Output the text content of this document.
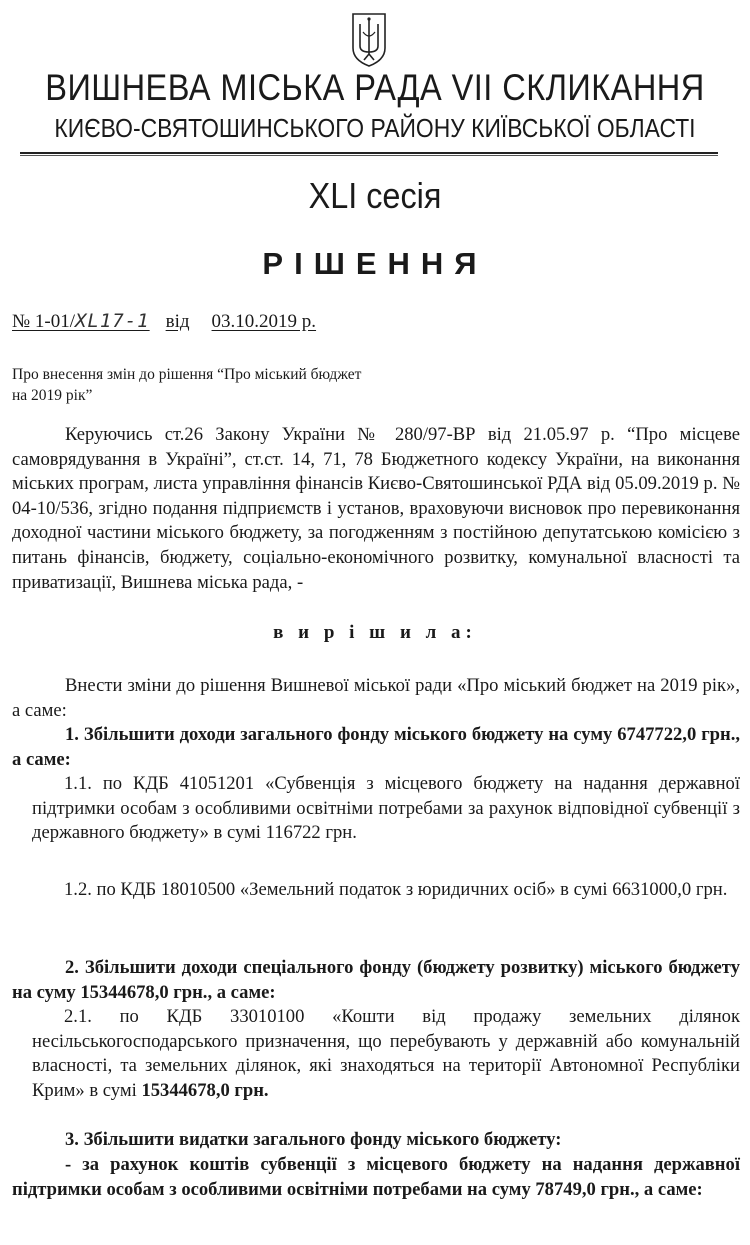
ВИШНЕВА МІСЬКА РАДА VII СКЛИКАННЯ
КИЄВО-СВЯТОШИНСЬКОГО РАЙОНУ КИЇВСЬКОЇ ОБЛАСТІ
XLI сесія
РІШЕННЯ
№ 1-01/XL17-1 від 03.10.2019 р.
Про внесення змін до рішення “Про міський бюджет на 2019 рік”
Керуючись ст.26 Закону України № 280/97-ВР від 21.05.97 р. “Про місцеве самоврядування в Україні”, ст.ст. 14, 71, 78 Бюджетного кодексу України, на виконання міських програм, листа управління фінансів Києво-Святошинської РДА від 05.09.2019 р. № 04-10/536, згідно подання підприємств і установ, враховуючи висновок про перевиконання доходної частини міського бюджету, за погодженням з постійною депутатською комісією з питань фінансів, бюджету, соціально-економічного розвитку, комунальної власності та приватизації, Вишнева міська рада, -
в и р і ш и л а:
Внести зміни до рішення Вишневої міської ради «Про міський бюджет на 2019 рік», а саме:
1. Збільшити доходи загального фонду міського бюджету на суму 6747722,0 грн., а саме:
1.1. по КДБ 41051201 «Субвенція з місцевого бюджету на надання державної підтримки особам з особливими освітніми потребами за рахунок відповідної субвенції з державного бюджету» в сумі 116722 грн.
1.2. по КДБ 18010500 «Земельний податок з юридичних осіб» в сумі 6631000,0 грн.
2. Збільшити доходи спеціального фонду (бюджету розвитку) міського бюджету на суму 15344678,0 грн., а саме:
2.1. по КДБ 33010100 «Кошти від продажу земельних ділянок несільськогосподарського призначення, що перебувають у державній або комунальній власності, та земельних ділянок, які знаходяться на території Автономної Республіки Крим» в сумі 15344678,0 грн.
3. Збільшити видатки загального фонду міського бюджету:
- за рахунок коштів субвенції з місцевого бюджету на надання державної підтримки особам з особливими освітніми потребами на суму 78749,0 грн., а саме:
